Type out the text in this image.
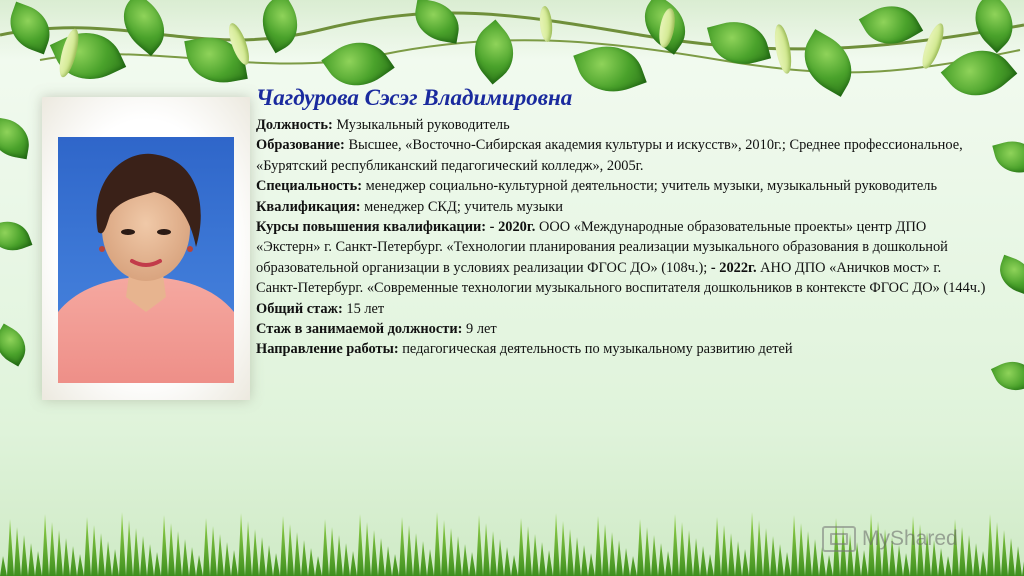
Чагдурова Сэсэг Владимировна

Должность: Музыкальный руководитель

Образование: Высшее, «Восточно-Сибирская академия культуры и искусств», 2010г.; Среднее профессиональное, «Бурятский республиканский педагогический колледж», 2005г.

Специальность: менеджер социально-культурной деятельности; учитель музыки, музыкальный руководитель

Квалификация: менеджер СКД; учитель музыки

Курсы повышения квалификации: - 2020г. ООО «Международные образовательные проекты» центр ДПО «Экстерн» г. Санкт-Петербург. «Технологии планирования реализации музыкального образования в дошкольной образовательной организации в условиях реализации ФГОС ДО» (108ч.); - 2022г. АНО ДПО «Аничков мост» г. Санкт-Петербург. «Современные технологии музыкального воспитателя дошкольников в контексте ФГОС ДО» (144ч.)

Общий стаж: 15 лет

Стаж в занимаемой должности: 9 лет

Направление работы: педагогическая деятельность по музыкальному развитию детей

MyShared
